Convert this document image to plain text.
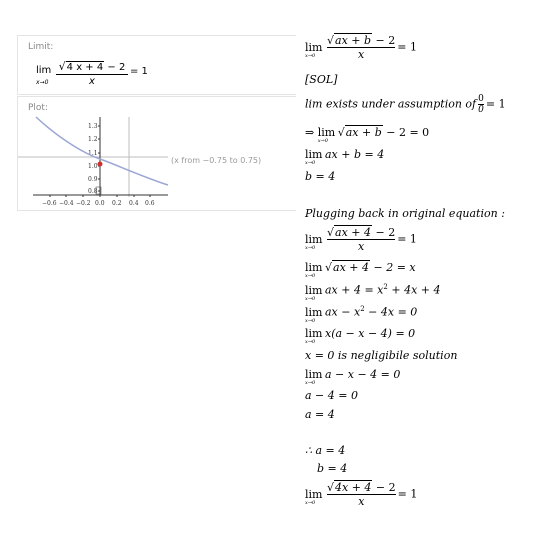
Limit:
lim
x→0
√4 x + 4 − 2
x
= 1
Plot:
1.3
1.2
1.1
1.0
0.9
0.8
−0.6 −0.4 −0.2 0.0 0.2 0.4 0.6
(x from −0.75 to 0.75)
lim
$x\to 0 \frac{√ax + b - 2}{x} = 1$
[SOL]
lim exists under assumption of $\frac{0}{0} = 1$
⇒ lim
x→0
√ax + b − 2 = 0
lim
x→0
ax + b = 4
b = 4
Plugging back in original equation :
lim
$x\to 0 \frac{√ax + 4 - 2}{x} = 1$
lim
x→0
√ax + 4 − 2 = x
lim
x→0
ax + $4 = x^2 + 4x + 4$
lim
x→0
ax − $x^2 - 4x = 0$
lim
x→0
x(a − x − 4) = 0
x = 0 is negligibile solution
lim
x→0
a − x − 4 = 0
a − 4 = 0
a = 4
∴ a = 4
b = 4
lim
$x\to 0 \frac{√4x + 4 - 2}{x} = 1$
